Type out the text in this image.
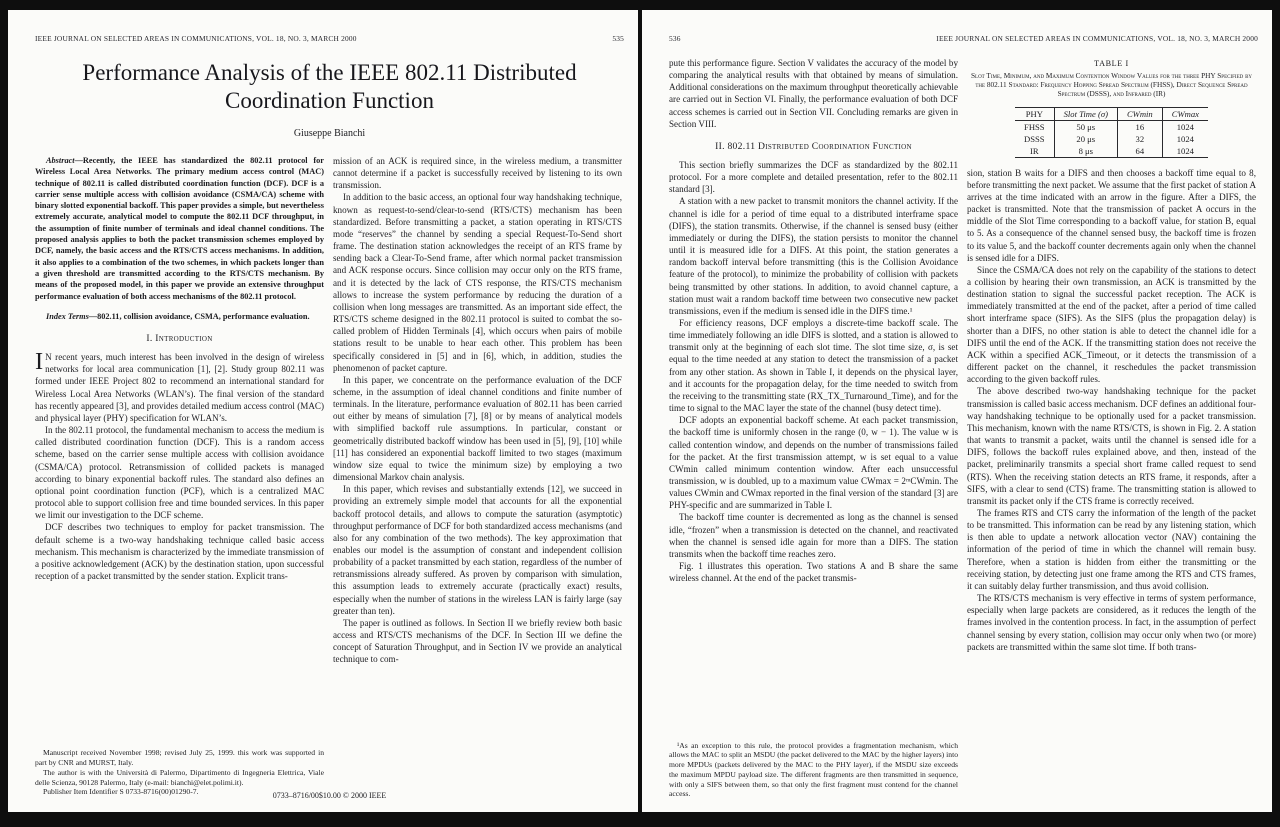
IEEE JOURNAL ON SELECTED AREAS IN COMMUNICATIONS, VOL. 18, NO. 3, MARCH 2000	535
Performance Analysis of the IEEE 802.11 Distributed Coordination Function
Giuseppe Bianchi

Abstract—Recently, the IEEE has standardized the 802.11 protocol for Wireless Local Area Networks. The primary medium access control (MAC) technique of 802.11 is called distributed coordination function (DCF). DCF is a carrier sense multiple access with collision avoidance (CSMA/CA) scheme with binary slotted exponential backoff. This paper provides a simple, but nevertheless extremely accurate, analytical model to compute the 802.11 DCF throughput, in the assumption of finite number of terminals and ideal channel conditions. The proposed analysis applies to both the packet transmission schemes employed by DCF, namely, the basic access and the RTS/CTS access mechanisms. In addition, it also applies to a combination of the two schemes, in which packets longer than a given threshold are transmitted according to the RTS/CTS mechanism. By means of the proposed model, in this paper we provide an extensive throughput performance evaluation of both access mechanisms of the 802.11 protocol.

Index Terms—802.11, collision avoidance, CSMA, performance evaluation.

I. Introduction

I N recent years, much interest has been involved in the design of wireless networks for local area communication [1], [2]. Study group 802.11 was formed under IEEE Project 802 to recommend an international standard for Wireless Local Area Networks (WLAN’s). The final version of the standard has recently appeared [3], and provides detailed medium access control (MAC) and physical layer (PHY) specification for WLAN’s.

In the 802.11 protocol, the fundamental mechanism to access the medium is called distributed coordination function (DCF). This is a random access scheme, based on the carrier sense multiple access with collision avoidance (CSMA/CA) protocol. Retransmission of collided packets is managed according to binary exponential backoff rules. The standard also defines an optional point coordination function (PCF), which is a centralized MAC protocol able to support collision free and time bounded services. In this paper we limit our investigation to the DCF scheme.

DCF describes two techniques to employ for packet transmission. The default scheme is a two-way handshaking technique called basic access mechanism. This mechanism is characterized by the immediate transmission of a positive acknowledgement (ACK) by the destination station, upon successful reception of a packet transmitted by the sender station. Explicit trans-

Manuscript received November 1998; revised July 25, 1999. this work was supported in part by CNR and MURST, Italy.

The author is with the Università di Palermo, Dipartimento di Ingegneria Elettrica, Viale delle Scienza, 90128 Palermo, Italy (e-mail: bianchi@elet.polimi.it).

Publisher Item Identifier S 0733-8716(00)01290-7.

mission of an ACK is required since, in the wireless medium, a transmitter cannot determine if a packet is successfully received by listening to its own transmission.

In addition to the basic access, an optional four way handshaking technique, known as request-to-send/clear-to-send (RTS/CTS) mechanism has been standardized. Before transmitting a packet, a station operating in RTS/CTS mode “reserves” the channel by sending a special Request-To-Send short frame. The destination station acknowledges the receipt of an RTS frame by sending back a Clear-To-Send frame, after which normal packet transmission and ACK response occurs. Since collision may occur only on the RTS frame, and it is detected by the lack of CTS response, the RTS/CTS mechanism allows to increase the system performance by reducing the duration of a collision when long messages are transmitted. As an important side effect, the RTS/CTS scheme designed in the 802.11 protocol is suited to combat the so-called problem of Hidden Terminals [4], which occurs when pairs of mobile stations result to be unable to hear each other. This problem has been specifically considered in [5] and in [6], which, in addition, studies the phenomenon of packet capture.

In this paper, we concentrate on the performance evaluation of the DCF scheme, in the assumption of ideal channel conditions and finite number of terminals. In the literature, performance evaluation of 802.11 has been carried out either by means of simulation [7], [8] or by means of analytical models with simplified backoff rule assumptions. In particular, constant or geometrically distributed backoff window has been used in [5], [9], [10] while [11] has considered an exponential backoff limited to two stages (maximum window size equal to twice the minimum size) by employing a two dimensional Markov chain analysis.

In this paper, which revises and substantially extends [12], we succeed in providing an extremely simple model that accounts for all the exponential backoff protocol details, and allows to compute the saturation (asymptotic) throughput performance of DCF for both standardized access mechanisms (and also for any combination of the two methods). The key approximation that enables our model is the assumption of constant and independent collision probability of a packet transmitted by each station, regardless of the number of retransmissions already suffered. As proven by comparison with simulation, this assumption leads to extremely accurate (practically exact) results, especially when the number of stations in the wireless LAN is fairly large (say greater than ten).

The paper is outlined as follows. In Section II we briefly review both basic access and RTS/CTS mechanisms of the DCF. In Section III we define the concept of Saturation Throughput, and in Section IV we provide an analytical technique to com-

0733–8716/00$10.00 © 2000 IEEE
536	IEEE JOURNAL ON SELECTED AREAS IN COMMUNICATIONS, VOL. 18, NO. 3, MARCH 2000

pute this performance figure. Section V validates the accuracy of the model by comparing the analytical results with that obtained by means of simulation. Additional considerations on the maximum throughput theoretically achievable are carried out in Section VI. Finally, the performance evaluation of both DCF access schemes is carried out in Section VII. Concluding remarks are given in Section VIII.

II. 802.11 Distributed Coordination Function

This section briefly summarizes the DCF as standardized by the 802.11 protocol. For a more complete and detailed presentation, refer to the 802.11 standard [3].

A station with a new packet to transmit monitors the channel activity. If the channel is idle for a period of time equal to a distributed interframe space (DIFS), the station transmits. Otherwise, if the channel is sensed busy (either immediately or during the DIFS), the station persists to monitor the channel until it is measured idle for a DIFS. At this point, the station generates a random backoff interval before transmitting (this is the Collision Avoidance feature of the protocol), to minimize the probability of collision with packets being transmitted by other stations. In addition, to avoid channel capture, a station must wait a random backoff time between two consecutive new packet transmissions, even if the medium is sensed idle in the DIFS time.¹

For efficiency reasons, DCF employs a discrete-time backoff scale. The time immediately following an idle DIFS is slotted, and a station is allowed to transmit only at the beginning of each slot time. The slot time size, σ, is set equal to the time needed at any station to detect the transmission of a packet from any other station. As shown in Table I, it depends on the physical layer, and it accounts for the propagation delay, for the time needed to switch from the receiving to the transmitting state (RX_TX_Turnaround_Time), and for the time to signal to the MAC layer the state of the channel (busy detect time).

DCF adopts an exponential backoff scheme. At each packet transmission, the backoff time is uniformly chosen in the range (0, w − 1). The value w is called contention window, and depends on the number of transmissions failed for the packet. At the first transmission attempt, w is set equal to a value CWmin called minimum contention window. After each unsuccessful transmission, w is doubled, up to a maximum value CWmax = 2ᵐCWmin. The values CWmin and CWmax reported in the final version of the standard [3] are PHY-specific and are summarized in Table I.

The backoff time counter is decremented as long as the channel is sensed idle, “frozen” when a transmission is detected on the channel, and reactivated when the channel is sensed idle again for more than a DIFS. The station transmits when the backoff time reaches zero.

Fig. 1 illustrates this operation. Two stations A and B share the same wireless channel. At the end of the packet transmis-

¹As an exception to this rule, the protocol provides a fragmentation mechanism, which allows the MAC to split an MSDU (the packet delivered to the MAC by the higher layers) into more MPDUs (packets delivered by the MAC to the PHY layer), if the MSDU size exceeds the maximum MPDU payload size. The different fragments are then transmitted in sequence, with only a SIFS between them, so that only the first fragment must contend for the channel access.

TABLE I
Slot Time, Minimum, and Maximum Contention Window Values for the three PHY Specified by the 802.11 Standard: Frequency Hopping Spread Spectrum (FHSS), Direct Sequence Spread Spectrum (DSSS), and Infrared (IR)
PHY	Slot Time (σ)	CWmin	CWmax
FHSS	50 μs	16	1024
DSSS	20 μs	32	1024
IR	8 μs	64	1024

sion, station B waits for a DIFS and then chooses a backoff time equal to 8, before transmitting the next packet. We assume that the first packet of station A arrives at the time indicated with an arrow in the figure. After a DIFS, the packet is transmitted. Note that the transmission of packet A occurs in the middle of the Slot Time corresponding to a backoff value, for station B, equal to 5. As a consequence of the channel sensed busy, the backoff time is frozen to its value 5, and the backoff counter decrements again only when the channel is sensed idle for a DIFS.

Since the CSMA/CA does not rely on the capability of the stations to detect a collision by hearing their own transmission, an ACK is transmitted by the destination station to signal the successful packet reception. The ACK is immediately transmitted at the end of the packet, after a period of time called short interframe space (SIFS). As the SIFS (plus the propagation delay) is shorter than a DIFS, no other station is able to detect the channel idle for a DIFS until the end of the ACK. If the transmitting station does not receive the ACK within a specified ACK_Timeout, or it detects the transmission of a different packet on the channel, it reschedules the packet transmission according to the given backoff rules.

The above described two-way handshaking technique for the packet transmission is called basic access mechanism. DCF defines an additional four-way handshaking technique to be optionally used for a packet transmission. This mechanism, known with the name RTS/CTS, is shown in Fig. 2. A station that wants to transmit a packet, waits until the channel is sensed idle for a DIFS, follows the backoff rules explained above, and then, instead of the packet, preliminarily transmits a special short frame called request to send (RTS). When the receiving station detects an RTS frame, it responds, after a SIFS, with a clear to send (CTS) frame. The transmitting station is allowed to transmit its packet only if the CTS frame is correctly received.

The frames RTS and CTS carry the information of the length of the packet to be transmitted. This information can be read by any listening station, which is then able to update a network allocation vector (NAV) containing the information of the period of time in which the channel will remain busy. Therefore, when a station is hidden from either the transmitting or the receiving station, by detecting just one frame among the RTS and CTS frames, it can suitably delay further transmission, and thus avoid collision.

The RTS/CTS mechanism is very effective in terms of system performance, especially when large packets are considered, as it reduces the length of the frames involved in the contention process. In fact, in the assumption of perfect channel sensing by every station, collision may occur only when two (or more) packets are transmitted within the same slot time. If both trans-
